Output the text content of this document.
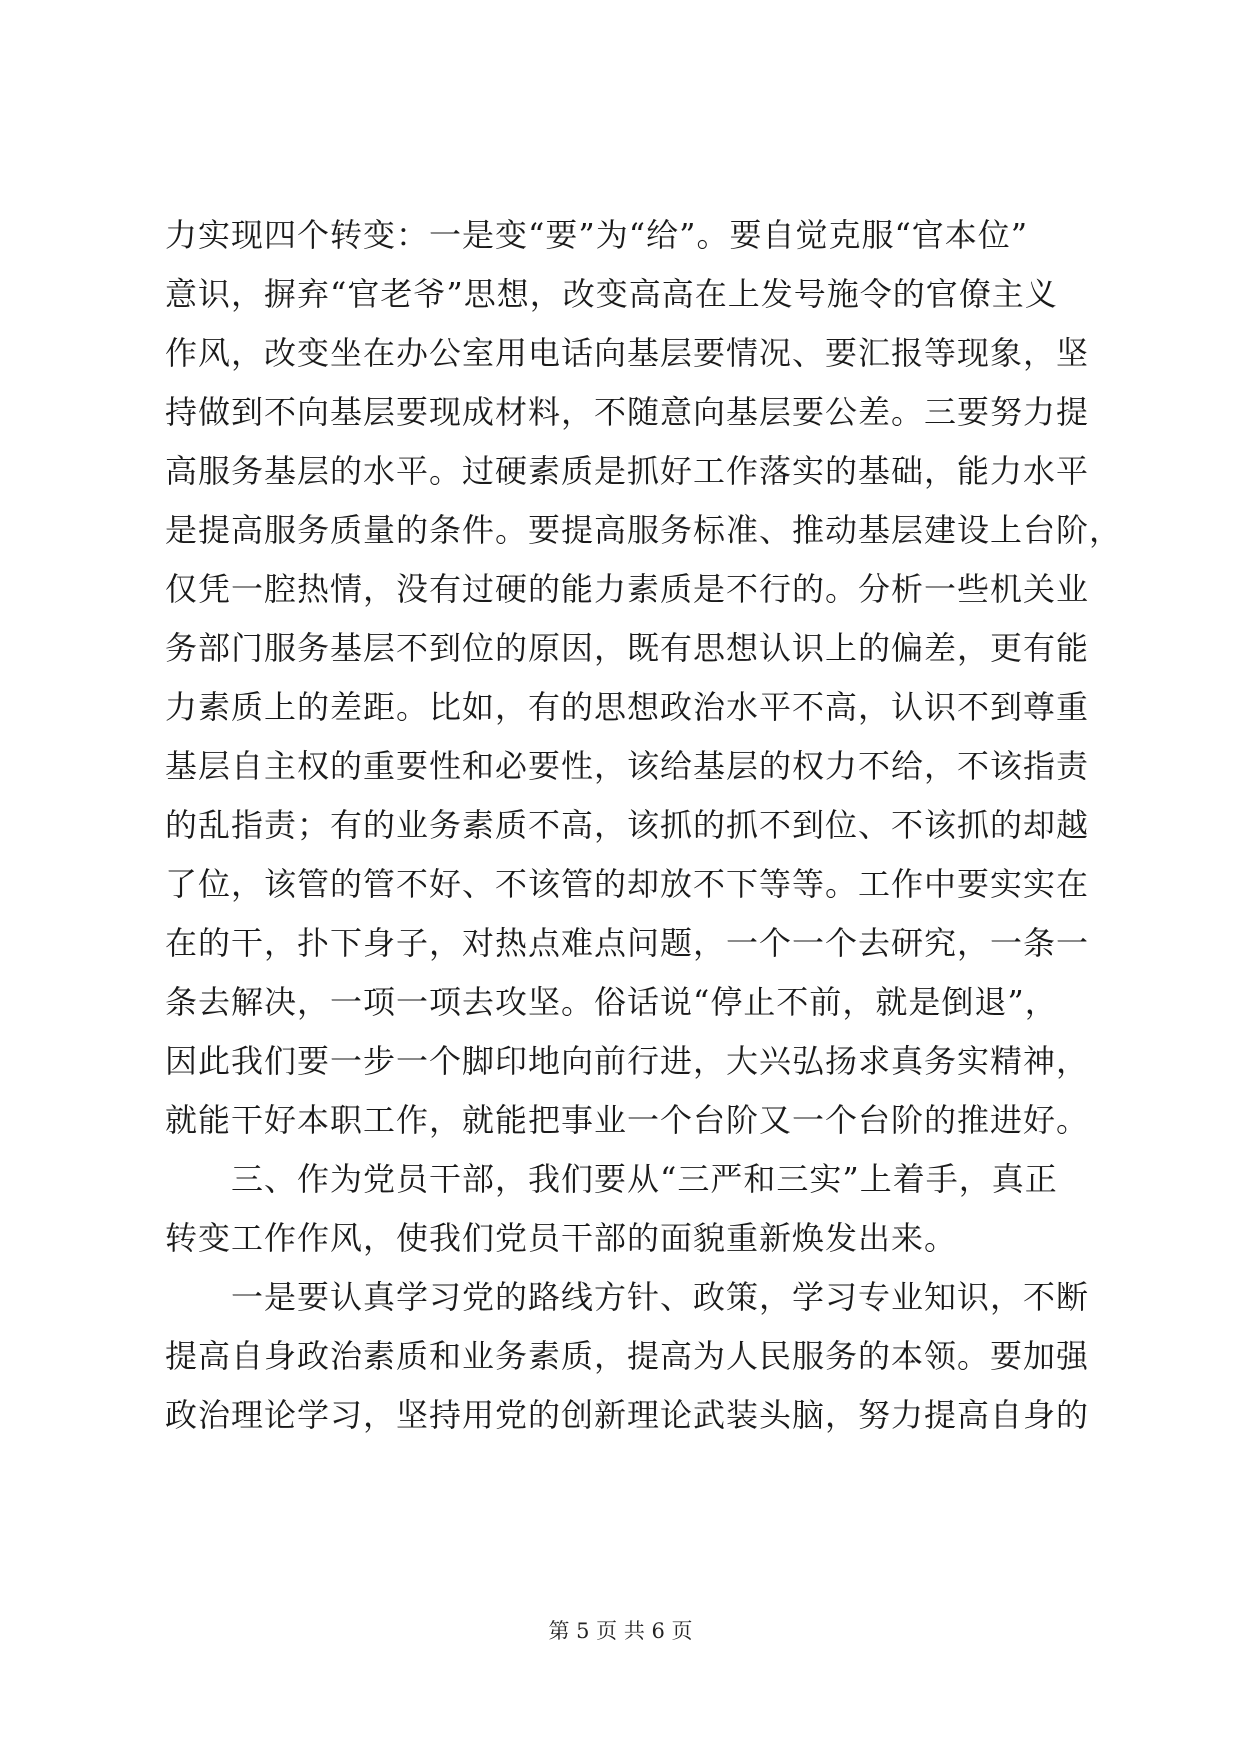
力实现四个转变：一是变“要”为“给”。要自觉克服“官本位”
意识，摒弃“官老爷”思想，改变高高在上发号施令的官僚主义
作风，改变坐在办公室用电话向基层要情况、要汇报等现象，坚
持做到不向基层要现成材料，不随意向基层要公差。三要努力提
高服务基层的水平。过硬素质是抓好工作落实的基础，能力水平
是提高服务质量的条件。要提高服务标准、推动基层建设上台阶，
仅凭一腔热情，没有过硬的能力素质是不行的。分析一些机关业
务部门服务基层不到位的原因，既有思想认识上的偏差，更有能
力素质上的差距。比如，有的思想政治水平不高，认识不到尊重
基层自主权的重要性和必要性，该给基层的权力不给，不该指责
的乱指责；有的业务素质不高，该抓的抓不到位、不该抓的却越
了位，该管的管不好、不该管的却放不下等等。工作中要实实在
在的干，扑下身子，对热点难点问题，一个一个去研究，一条一
条去解决，一项一项去攻坚。俗话说“停止不前，就是倒退”，
因此我们要一步一个脚印地向前行进，大兴弘扬求真务实精神，
就能干好本职工作，就能把事业一个台阶又一个台阶的推进好。
　　三、作为党员干部，我们要从“三严和三实”上着手，真正
转变工作作风，使我们党员干部的面貌重新焕发出来。
　　一是要认真学习党的路线方针、政策，学习专业知识，不断
提高自身政治素质和业务素质，提高为人民服务的本领。要加强
政治理论学习，坚持用党的创新理论武装头脑，努力提高自身的
第 5 页 共 6 页
